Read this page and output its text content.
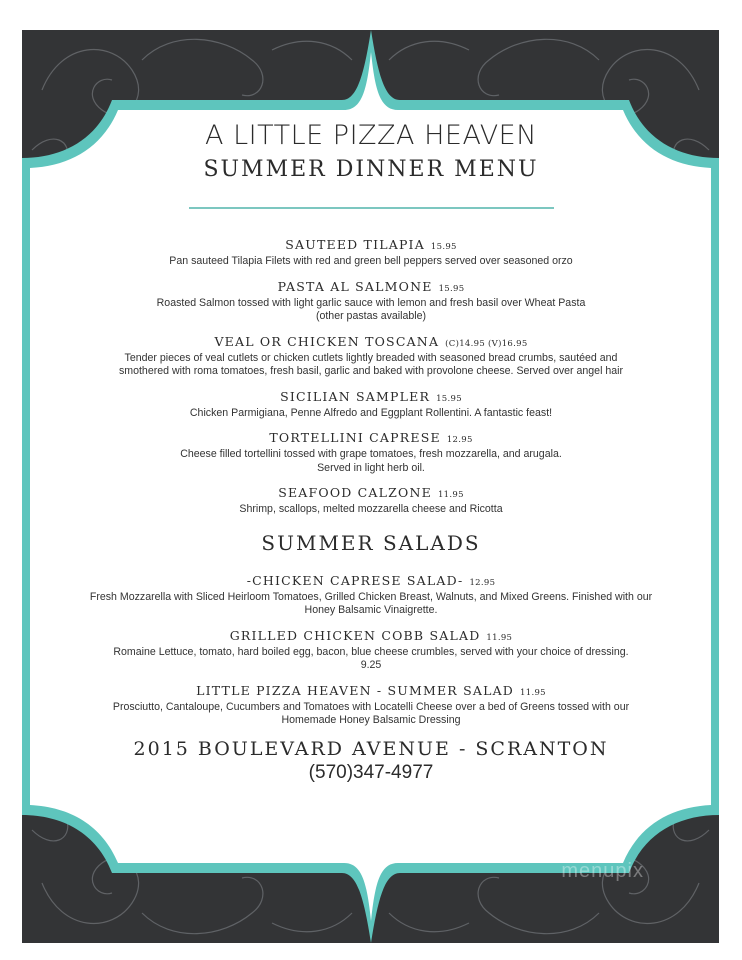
A LITTLE PIZZA HEAVEN
SUMMER DINNER MENU
SAUTEED TILAPIA 15.95
Pan sauteed Tilapia Filets with red and green bell peppers served over seasoned orzo
PASTA AL SALMONE 15.95
Roasted Salmon tossed with light garlic sauce with lemon and fresh basil over Wheat Pasta
(other pastas available)
VEAL OR CHICKEN TOSCANA (C)14.95 (V)16.95
Tender pieces of veal cutlets or chicken cutlets lightly breaded with seasoned bread crumbs, sautéed and
smothered with roma tomatoes, fresh basil, garlic and baked with provolone cheese. Served over angel hair
SICILIAN SAMPLER 15.95
Chicken Parmigiana, Penne Alfredo and Eggplant Rollentini. A fantastic feast!
TORTELLINI CAPRESE 12.95
Cheese filled tortellini tossed with grape tomatoes, fresh mozzarella, and arugala.
Served in light herb oil.
SEAFOOD CALZONE 11.95
Shrimp, scallops, melted mozzarella cheese and Ricotta
SUMMER SALADS
-CHICKEN CAPRESE SALAD- 12.95
Fresh Mozzarella with Sliced Heirloom Tomatoes, Grilled Chicken Breast, Walnuts, and Mixed Greens. Finished with our
Honey Balsamic Vinaigrette.
GRILLED CHICKEN COBB SALAD 11.95
Romaine Lettuce, tomato, hard boiled egg, bacon, blue cheese crumbles, served with your choice of dressing.
9.25
LITTLE PIZZA HEAVEN - SUMMER SALAD 11.95
Prosciutto, Cantaloupe, Cucumbers and Tomatoes with Locatelli Cheese over a bed of Greens tossed with our
Homemade Honey Balsamic Dressing
2015 BOULEVARD AVENUE - SCRANTON
(570)347-4977
menupix
